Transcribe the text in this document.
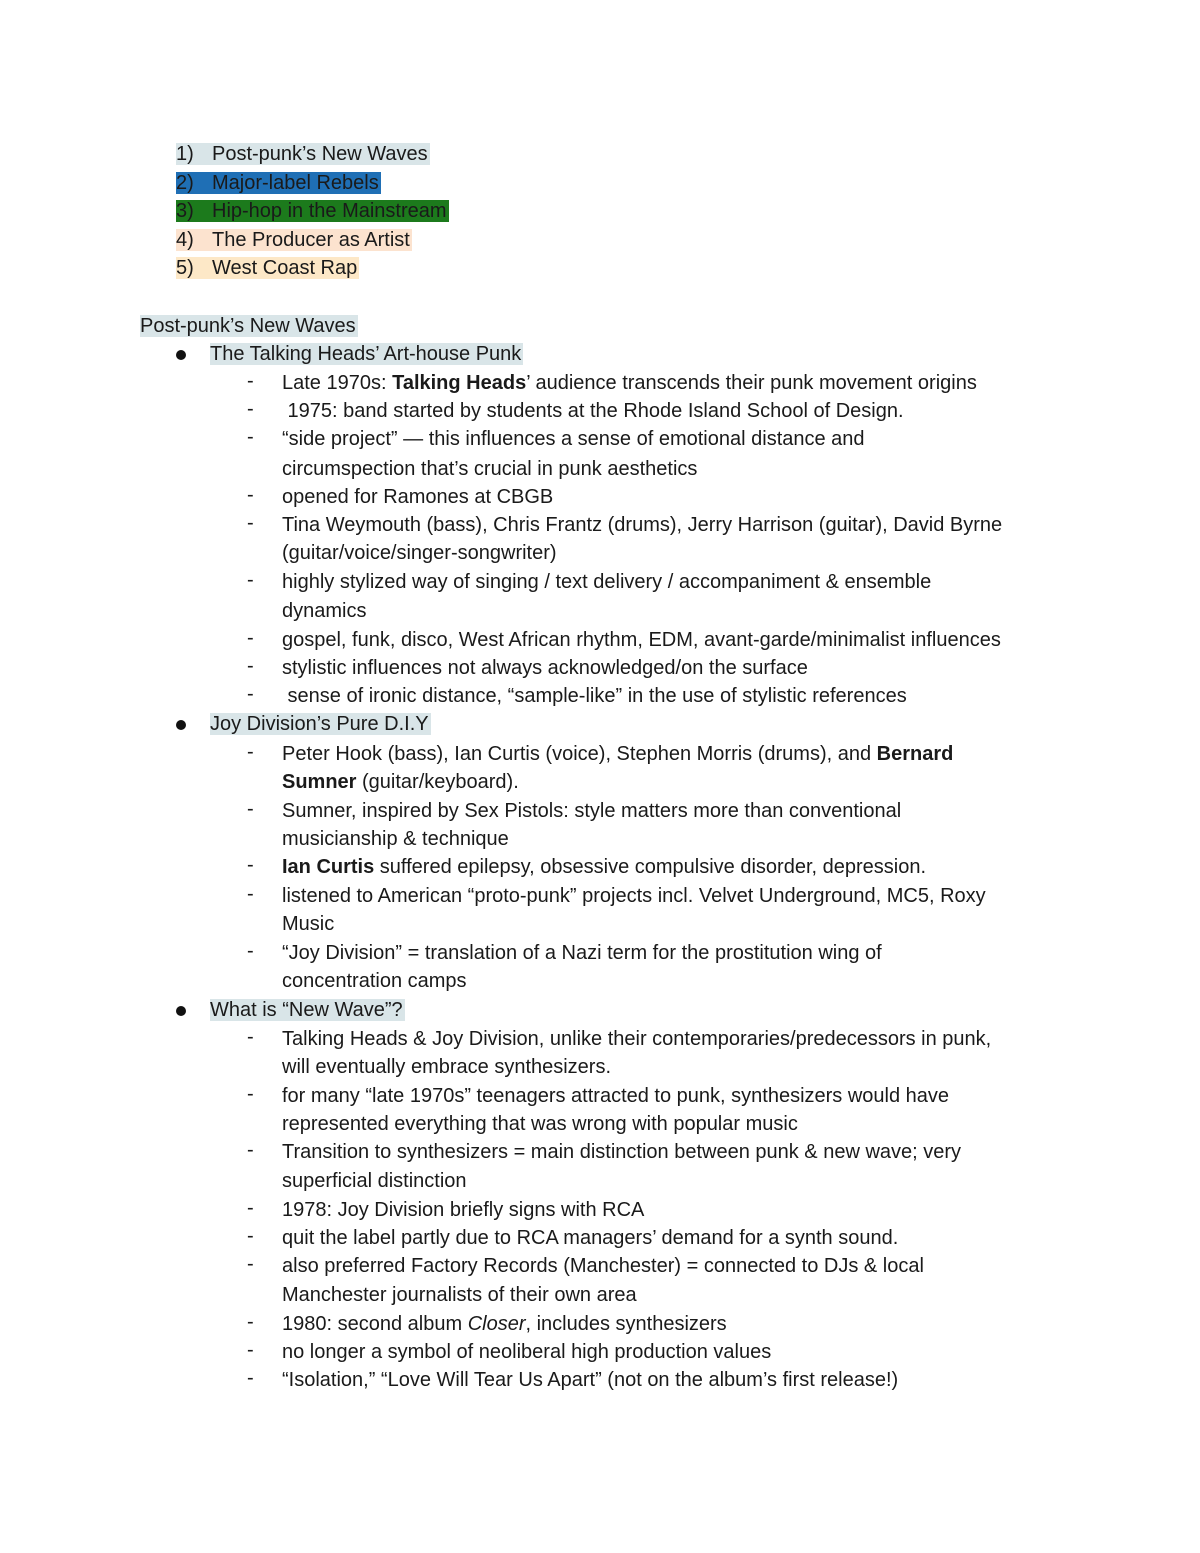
1) Post-punk’s New Waves
2) Major-label Rebels
3) Hip-hop in the Mainstream
4) The Producer as Artist
5) West Coast Rap
Post-punk’s New Waves
The Talking Heads’ Art-house Punk
- Late 1970s: Talking Heads’ audience transcends their punk movement origins
- 1975: band started by students at the Rhode Island School of Design.
- “side project” — this influences a sense of emotional distance and
circumspection that’s crucial in punk aesthetics
- opened for Ramones at CBGB
- Tina Weymouth (bass), Chris Frantz (drums), Jerry Harrison (guitar), David Byrne
(guitar/voice/singer-songwriter)
- highly stylized way of singing / text delivery / accompaniment & ensemble
dynamics
- gospel, funk, disco, West African rhythm, EDM, avant-garde/minimalist influences
- stylistic influences not always acknowledged/on the surface
- sense of ironic distance, “sample-like” in the use of stylistic references
Joy Division’s Pure D.I.Y
- Peter Hook (bass), Ian Curtis (voice), Stephen Morris (drums), and Bernard
Sumner (guitar/keyboard).
- Sumner, inspired by Sex Pistols: style matters more than conventional
musicianship & technique
- Ian Curtis suffered epilepsy, obsessive compulsive disorder, depression.
- listened to American “proto-punk” projects incl. Velvet Underground, MC5, Roxy
Music
- “Joy Division” = translation of a Nazi term for the prostitution wing of
concentration camps
What is “New Wave”?
- Talking Heads & Joy Division, unlike their contemporaries/predecessors in punk,
will eventually embrace synthesizers.
- for many “late 1970s” teenagers attracted to punk, synthesizers would have
represented everything that was wrong with popular music
- Transition to synthesizers = main distinction between punk & new wave; very
superficial distinction
- 1978: Joy Division briefly signs with RCA
- quit the label partly due to RCA managers’ demand for a synth sound.
- also preferred Factory Records (Manchester) = connected to DJs & local
Manchester journalists of their own area
- 1980: second album Closer, includes synthesizers
- no longer a symbol of neoliberal high production values
- “Isolation,” “Love Will Tear Us Apart” (not on the album’s first release!)
